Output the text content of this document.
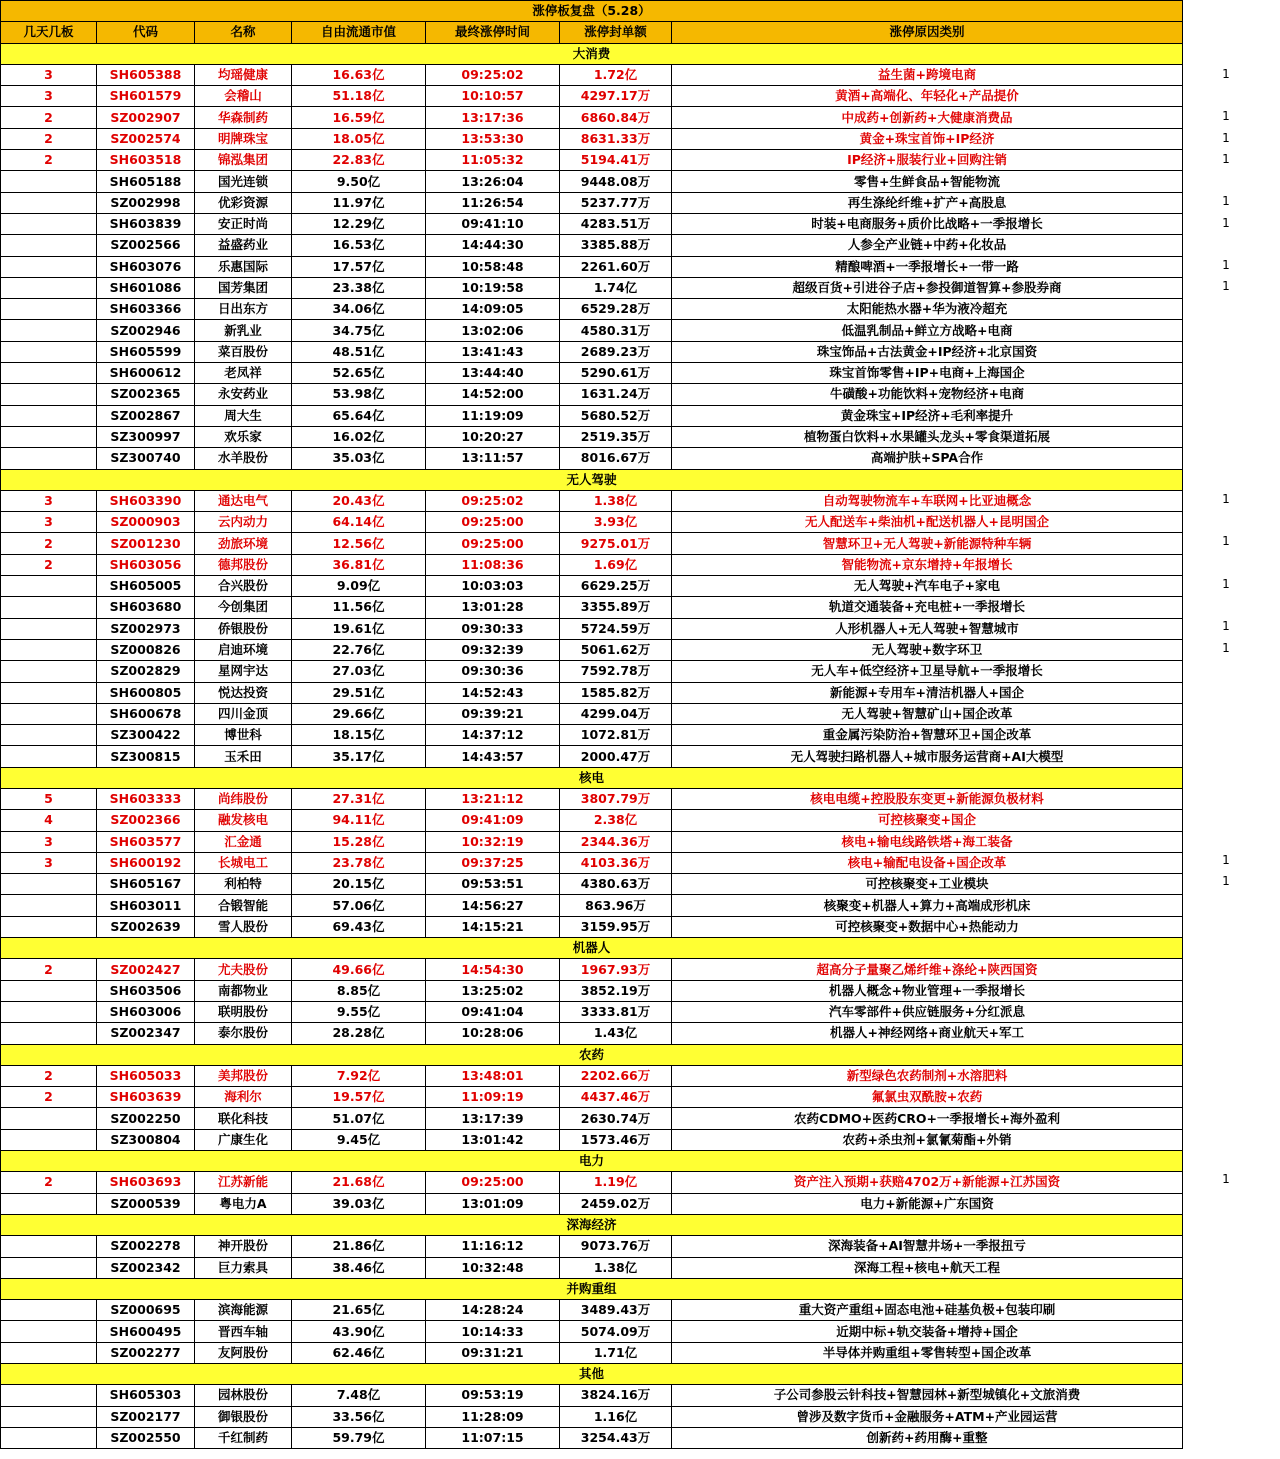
涨停板复盘（5.28）						
几天几板	代码	名称	自由流通市值	最终涨停时间	涨停封单额	涨停原因类别
大消费						
3	SH605388	均瑶健康	16.63亿	09:25:02	1.72亿	益生菌+跨境电商
3	SH601579	会稽山	51.18亿	10:10:57	4297.17万	黄酒+高端化、年轻化+产品提价
2	SZ002907	华森制药	16.59亿	13:17:36	6860.84万	中成药+创新药+大健康消费品
2	SZ002574	明牌珠宝	18.05亿	13:53:30	8631.33万	黄金+珠宝首饰+IP经济
2	SH603518	锦泓集团	22.83亿	11:05:32	5194.41万	IP经济+服装行业+回购注销
	SH605188	国光连锁	9.50亿	13:26:04	9448.08万	零售+生鲜食品+智能物流
	SZ002998	优彩资源	11.97亿	11:26:54	5237.77万	再生涤纶纤维+扩产+高股息
	SH603839	安正时尚	12.29亿	09:41:10	4283.51万	时装+电商服务+质价比战略+一季报增长
	SZ002566	益盛药业	16.53亿	14:44:30	3385.88万	人参全产业链+中药+化妆品
	SH603076	乐惠国际	17.57亿	10:58:48	2261.60万	精酿啤酒+一季报增长+一带一路
	SH601086	国芳集团	23.38亿	10:19:58	1.74亿	超级百货+引进谷子店+参投御道智算+参股券商
	SH603366	日出东方	34.06亿	14:09:05	6529.28万	太阳能热水器+华为液冷超充
	SZ002946	新乳业	34.75亿	13:02:06	4580.31万	低温乳制品+鲜立方战略+电商
	SH605599	菜百股份	48.51亿	13:41:43	2689.23万	珠宝饰品+古法黄金+IP经济+北京国资
	SH600612	老凤祥	52.65亿	13:44:40	5290.61万	珠宝首饰零售+IP+电商+上海国企
	SZ002365	永安药业	53.98亿	14:52:00	1631.24万	牛磺酸+功能饮料+宠物经济+电商
	SZ002867	周大生	65.64亿	11:19:09	5680.52万	黄金珠宝+IP经济+毛利率提升
	SZ300997	欢乐家	16.02亿	10:20:27	2519.35万	植物蛋白饮料+水果罐头龙头+零食渠道拓展
	SZ300740	水羊股份	35.03亿	13:11:57	8016.67万	高端护肤+SPA合作
无人驾驶						
3	SH603390	通达电气	20.43亿	09:25:02	1.38亿	自动驾驶物流车+车联网+比亚迪概念
3	SZ000903	云内动力	64.14亿	09:25:00	3.93亿	无人配送车+柴油机+配送机器人+昆明国企
2	SZ001230	劲旅环境	12.56亿	09:25:00	9275.01万	智慧环卫+无人驾驶+新能源特种车辆
2	SH603056	德邦股份	36.81亿	11:08:36	1.69亿	智能物流+京东增持+年报增长
	SH605005	合兴股份	9.09亿	10:03:03	6629.25万	无人驾驶+汽车电子+家电
	SH603680	今创集团	11.56亿	13:01:28	3355.89万	轨道交通装备+充电桩+一季报增长
	SZ002973	侨银股份	19.61亿	09:30:33	5724.59万	人形机器人+无人驾驶+智慧城市
	SZ000826	启迪环境	22.76亿	09:32:39	5061.62万	无人驾驶+数字环卫
	SZ002829	星网宇达	27.03亿	09:30:36	7592.78万	无人车+低空经济+卫星导航+一季报增长
	SH600805	悦达投资	29.51亿	14:52:43	1585.82万	新能源+专用车+清洁机器人+国企
	SH600678	四川金顶	29.66亿	09:39:21	4299.04万	无人驾驶+智慧矿山+国企改革
	SZ300422	博世科	18.15亿	14:37:12	1072.81万	重金属污染防治+智慧环卫+国企改革
	SZ300815	玉禾田	35.17亿	14:43:57	2000.47万	无人驾驶扫路机器人+城市服务运营商+AI大模型
核电						
5	SH603333	尚纬股份	27.31亿	13:21:12	3807.79万	核电电缆+控股股东变更+新能源负极材料
4	SZ002366	融发核电	94.11亿	09:41:09	2.38亿	可控核聚变+国企
3	SH603577	汇金通	15.28亿	10:32:19	2344.36万	核电+输电线路铁塔+海工装备
3	SH600192	长城电工	23.78亿	09:37:25	4103.36万	核电+输配电设备+国企改革
	SH605167	利柏特	20.15亿	09:53:51	4380.63万	可控核聚变+工业模块
	SH603011	合锻智能	57.06亿	14:56:27	863.96万	核聚变+机器人+算力+高端成形机床
	SZ002639	雪人股份	69.43亿	14:15:21	3159.95万	可控核聚变+数据中心+热能动力
机器人						
2	SZ002427	尤夫股份	49.66亿	14:54:30	1967.93万	超高分子量聚乙烯纤维+涤纶+陕西国资
	SH603506	南都物业	8.85亿	13:25:02	3852.19万	机器人概念+物业管理+一季报增长
	SH603006	联明股份	9.55亿	09:41:04	3333.81万	汽车零部件+供应链服务+分红派息
	SZ002347	泰尔股份	28.28亿	10:28:06	1.43亿	机器人+神经网络+商业航天+军工
农药						
2	SH605033	美邦股份	7.92亿	13:48:01	2202.66万	新型绿色农药制剂+水溶肥料
2	SH603639	海利尔	19.57亿	11:09:19	4437.46万	氟氯虫双酰胺+农药
	SZ002250	联化科技	51.07亿	13:17:39	2630.74万	农药CDMO+医药CRO+一季报增长+海外盈利
	SZ300804	广康生化	9.45亿	13:01:42	1573.46万	农药+杀虫剂+氯氰菊酯+外销
电力						
2	SH603693	江苏新能	21.68亿	09:25:00	1.19亿	资产注入预期+获赔4702万+新能源+江苏国资
	SZ000539	粤电力A	39.03亿	13:01:09	2459.02万	电力+新能源+广东国资
深海经济						
	SZ002278	神开股份	21.86亿	11:16:12	9073.76万	深海装备+AI智慧井场+一季报扭亏
	SZ002342	巨力索具	38.46亿	10:32:48	1.38亿	深海工程+核电+航天工程
并购重组						
	SZ000695	滨海能源	21.65亿	14:28:24	3489.43万	重大资产重组+固态电池+硅基负极+包装印刷
	SH600495	晋西车轴	43.90亿	10:14:33	5074.09万	近期中标+轨交装备+增持+国企
	SZ002277	友阿股份	62.46亿	09:31:21	1.71亿	半导体并购重组+零售转型+国企改革
其他						
	SH605303	园林股份	7.48亿	09:53:19	3824.16万	子公司参股云针科技+智慧园林+新型城镇化+文旅消费
	SZ002177	御银股份	33.56亿	11:28:09	1.16亿	曾涉及数字货币+金融服务+ATM+产业园运营
	SZ002550	千红制药	59.79亿	11:07:15	3254.43万	创新药+药用酶+重整
1
1
1
1
1
1
1
1
1
1
1
1
1
1
1
1
